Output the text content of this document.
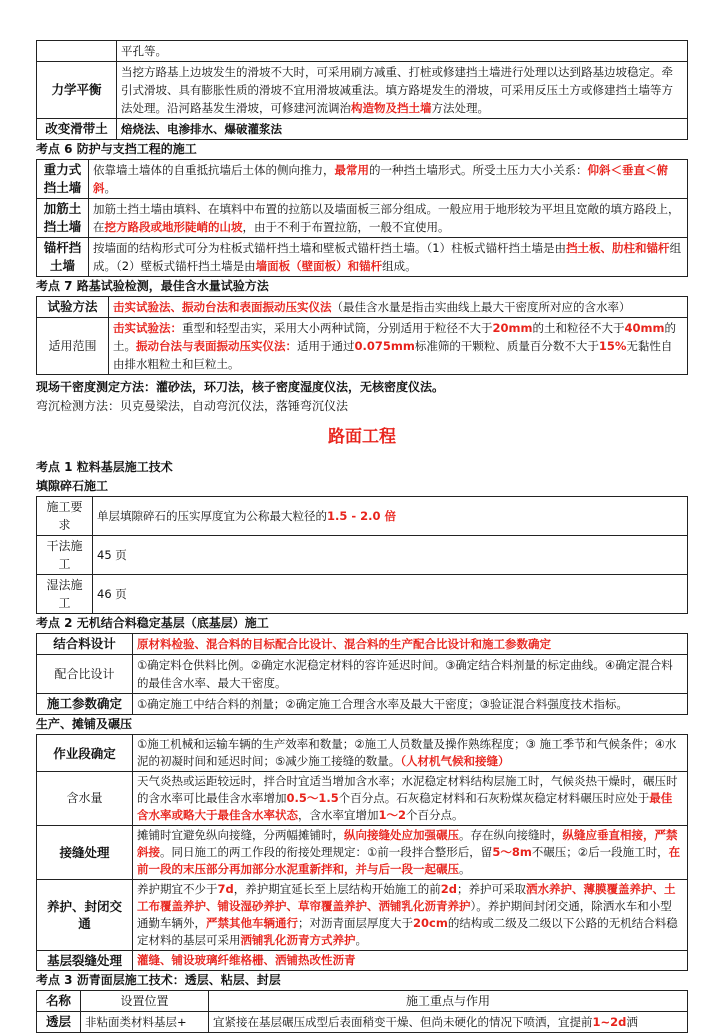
	平孔等。
力学平衡	当挖方路基上边坡发生的滑坡不大时，可采用刷方减重、打桩或修建挡土墙进行处理以达到路基边坡稳定。牵引式滑坡、具有膨胀性质的滑坡不宜用滑坡减重法。填方路堤发生的滑坡，可采用反压土方或修建挡土墙等方法处理。沿河路基发生滑坡，可修建河流调治构造物及挡土墙方法处理。
改变滑带土	焙烧法、电渗排水、爆破灌浆法
考点 6 防护与支挡工程的施工
重力式挡土墙	依靠墙土墙体的自重抵抗墙后土体的侧向推力，最常用的一种挡土墙形式。所受土压力大小关系：仰斜＜垂直＜俯斜。
加筋土挡土墙	加筋土挡土墙由填料、在填料中布置的拉筋以及墙面板三部分组成。一般应用于地形较为平坦且宽敞的填方路段上，在挖方路段或地形陡峭的山坡，由于不利于布置拉筋，一般不宜使用。
锚杆挡土墙	按墙面的结构形式可分为柱板式锚杆挡土墙和壁板式锚杆挡土墙。（1）柱板式锚杆挡土墙是由挡土板、肋柱和锚杆组成。（2）壁板式锚杆挡土墙是由墙面板（壁面板）和锚杆组成。
考点 7 路基试验检测，最佳含水量试验方法
试验方法	击实试验法、振动台法和表面振动压实仪法（最佳含水量是指击实曲线上最大干密度所对应的含水率）
适用范围	击实试验法：重型和轻型击实，采用大小两种试筒，分别适用于粒径不大于20mm的土和粒径不大于40mm的土。振动台法与表面振动压实仪法：适用于通过0.075mm标准筛的干颗粒、质量百分数不大于15%无黏性自由排水粗粒土和巨粒土。
现场干密度测定方法：灌砂法，环刀法，核子密度湿度仪法，无核密度仪法。
弯沉检测方法：贝克曼梁法，自动弯沉仪法，落锤弯沉仪法
路面工程
考点 1 粒料基层施工技术
填隙碎石施工
施工要求	单层填隙碎石的压实厚度宜为公称最大粒径的1.5 - 2.0 倍
干法施工	45 页
湿法施工	46 页
考点 2 无机结合料稳定基层（底基层）施工
结合料设计	原材料检验、混合料的目标配合比设计、混合料的生产配合比设计和施工参数确定
配合比设计	①确定料仓供料比例。②确定水泥稳定材料的容许延迟时间。③确定结合料剂量的标定曲线。④确定混合料的最佳含水率、最大干密度。
施工参数确定	①确定施工中结合料的剂量；②确定施工合理含水率及最大干密度；③验证混合料强度技术指标。
生产、摊铺及碾压
作业段确定	①施工机械和运输车辆的生产效率和数量；②施工人员数量及操作熟练程度；③ 施工季节和气候条件；④水泥的初凝时间和延迟时间；⑤减少施工接缝的数量。（人材机气候和接缝）
含水量	天气炎热或运距较远时，拌合时宜适当增加含水率；水泥稳定材料结构层施工时，气候炎热干燥时，碾压时的含水率可比最佳含水率增加0.5～1.5个百分点。石灰稳定材料和石灰粉煤灰稳定材料碾压时应处于最佳含水率或略大于最佳含水率状态，含水率宜增加1～2个百分点。
接缝处理	摊铺时宜避免纵向接缝，分两幅摊铺时，纵向接缝处应加强碾压。存在纵向接缝时，纵缝应垂直相接，严禁斜接。同日施工的两工作段的衔接处理规定：①前一段拌合整形后，留5～8m不碾压；②后一段施工时，在前一段的末压部分再加部分水泥重新拌和，并与后一段一起碾压。
养护、封闭交通	养护期宜不少于7d，养护期宜延长至上层结构开始施工的前2d；养护可采取洒水养护、薄膜覆盖养护、土工布覆盖养护、铺设湿砂养护、草帘覆盖养护、洒铺乳化沥青养护）。养护期间封闭交通，除洒水车和小型通勤车辆外，严禁其他车辆通行；对沥青面层厚度大于20cm的结构或二级及二级以下公路的无机结合料稳定材料的基层可采用洒铺乳化沥青方式养护。
基层裂缝处理	灌缝、铺设玻璃纤维格栅、洒铺热改性沥青
考点 3 沥青面层施工技术：透层、粘层、封层
名称	设置位置	施工重点与作用
透层	非粘面类材料基层+	宜紧接在基层碾压成型后表面稍变干燥、但尚未硬化的情况下喷洒，宜提前1~2d洒
